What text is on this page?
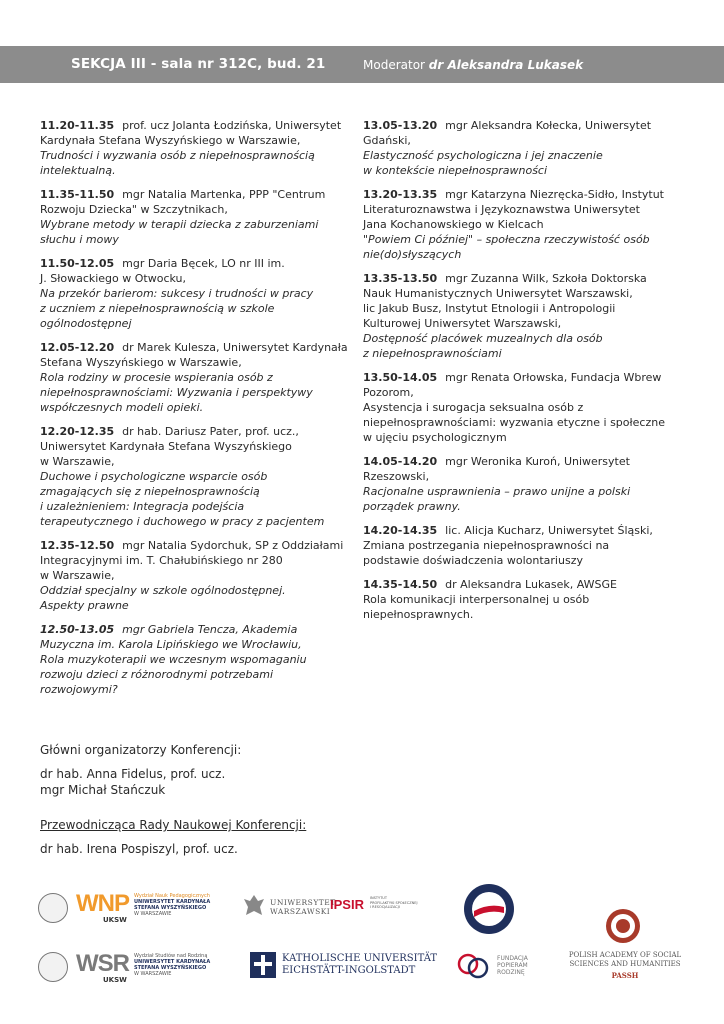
SEKCJA III - sala nr 312C, bud. 21	Moderator dr Aleksandra Lukasek
11.20-11.35 prof. ucz Jolanta Łodzińska, Uniwersytet
Kardynała Stefana Wyszyńskiego w Warszawie,
Trudności i wyzwania osób z niepełnosprawnością
intelektualną.
11.35-11.50 mgr Natalia Martenka, PPP "Centrum
Rozwoju Dziecka" w Szczytnikach,
Wybrane metody w terapii dziecka z zaburzeniami
słuchu i mowy
11.50-12.05 mgr Daria Bęcek, LO nr III im.
J. Słowackiego w Otwocku,
Na przekór barierom: sukcesy i trudności w pracy
z uczniem z niepełnosprawnością w szkole
ogólnodostępnej
12.05-12.20 dr Marek Kulesza, Uniwersytet Kardynała
Stefana Wyszyńskiego w Warszawie,
Rola rodziny w procesie wspierania osób z
niepełnosprawnościami: Wyzwania i perspektywy
współczesnych modeli opieki.
12.20-12.35 dr hab. Dariusz Pater, prof. ucz.,
Uniwersytet Kardynała Stefana Wyszyńskiego
w Warszawie,
Duchowe i psychologiczne wsparcie osób
zmagających się z niepełnosprawnością
i uzależnieniem: Integracja podejścia
terapeutycznego i duchowego w pracy z pacjentem
12.35-12.50 mgr Natalia Sydorchuk, SP z Oddziałami
Integracyjnymi im. T. Chałubińskiego nr 280
w Warszawie,
Oddział specjalny w szkole ogólnodostępnej.
Aspekty prawne
12.50-13.05 mgr Gabriela Tencza, Akademia
Muzyczna im. Karola Lipińskiego we Wrocławiu,
Rola muzykoterapii we wczesnym wspomaganiu
rozwoju dzieci z różnorodnymi potrzebami
rozwojowymi?
13.05-13.20 mgr Aleksandra Kołecka, Uniwersytet
Gdański,
Elastyczność psychologiczna i jej znaczenie
w kontekście niepełnosprawności
13.20-13.35 mgr Katarzyna Niezręcka-Sidło, Instytut
Literaturoznawstwa i Językoznawstwa Uniwersytet
Jana Kochanowskiego w Kielcach
"Powiem Ci później" – społeczna rzeczywistość osób
nie(do)słyszących
13.35-13.50 mgr Zuzanna Wilk, Szkoła Doktorska
Nauk Humanistycznych Uniwersytet Warszawski,
lic Jakub Busz, Instytut Etnologii i Antropologii
Kulturowej Uniwersytet Warszawski,
Dostępność placówek muzealnych dla osób
z niepełnosprawnościami
13.50-14.05 mgr Renata Orłowska, Fundacja Wbrew
Pozorom,
Asystencja i surogacja seksualna osób z
niepełnosprawnościami: wyzwania etyczne i społeczne
w ujęciu psychologicznym
14.05-14.20 mgr Weronika Kuroń, Uniwersytet
Rzeszowski,
Racjonalne usprawnienia – prawo unijne a polski
porządek prawny.
14.20-14.35 lic. Alicja Kucharz, Uniwersytet Śląski,
Zmiana postrzegania niepełnosprawności na
podstawie doświadczenia wolontariuszy
14.35-14.50 dr Aleksandra Lukasek, AWSGE
Rola komunikacji interpersonalnej u osób
niepełnosprawnych.
Główni organizatorzy Konferencji:
dr hab. Anna Fidelus, prof. ucz.
mgr Michał Stańczuk
Przewodnicząca Rady Naukowej Konferencji:
dr hab. Irena Pospiszyl, prof. ucz.
WNP
UKSW
Wydział Nauk Pedagogicznych
UNIWERSYTET KARDYNAŁA
STEFANA WYSZYŃSKIEGO
W WARSZAWIE
UNIWERSYTET
WARSZAWSKI IPSIR INSTYTUT
PROFILAKTYKI SPOŁECZNEJ
I RESOCJALIZACJI
WSR
UKSW
Wydział Studiów nad Rodziną
UNIWERSYTET KARDYNAŁA
STEFANA WYSZYŃSKIEGO
W WARSZAWIE
KATHOLISCHE UNIVERSITÄT
EICHSTÄTT-INGOLSTADT
FUNDACJA
POPIERAM
RODZINĘ
POLISH ACADEMY OF SOCIAL
SCIENCES AND HUMANITIES
PASSH
